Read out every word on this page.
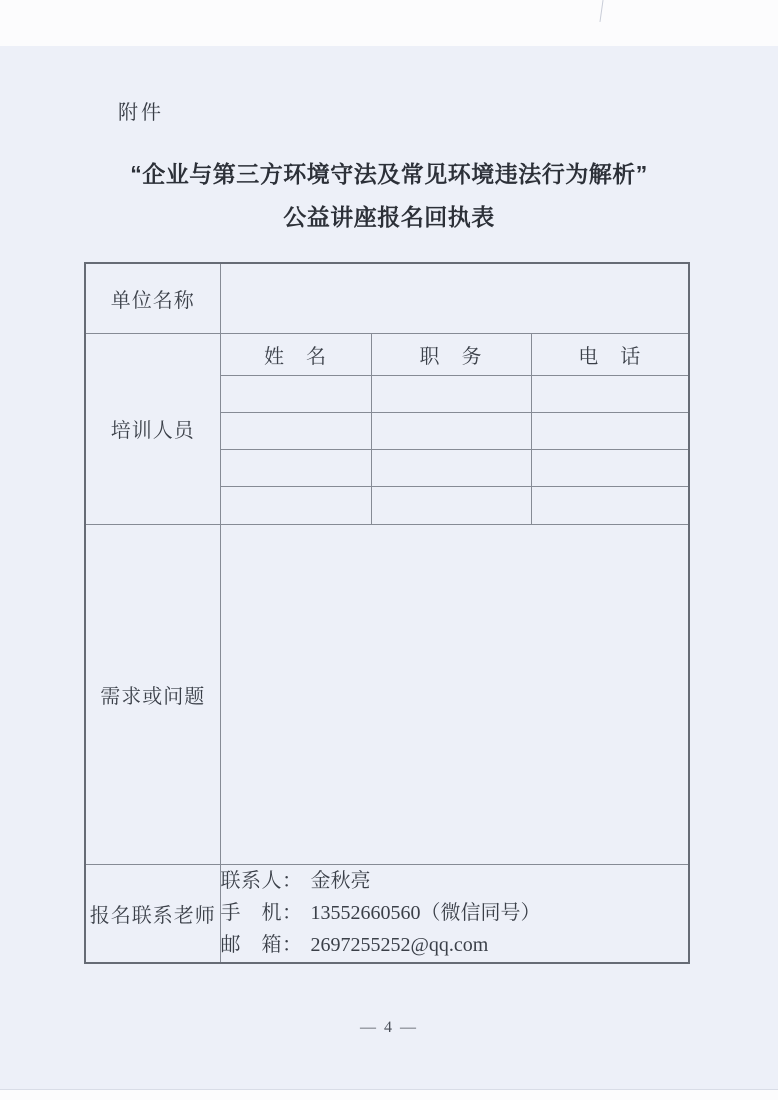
附件
“企业与第三方环境守法及常见环境违法行为解析”
公益讲座报名回执表
单位名称			
培训人员	姓　名	职　务	电　话

需求或问题			
报名联系老师	联系人： 金秋亮
手　机： 13552660560（微信同号）
邮　箱： 2697255252@qq.com		
— 4 —
